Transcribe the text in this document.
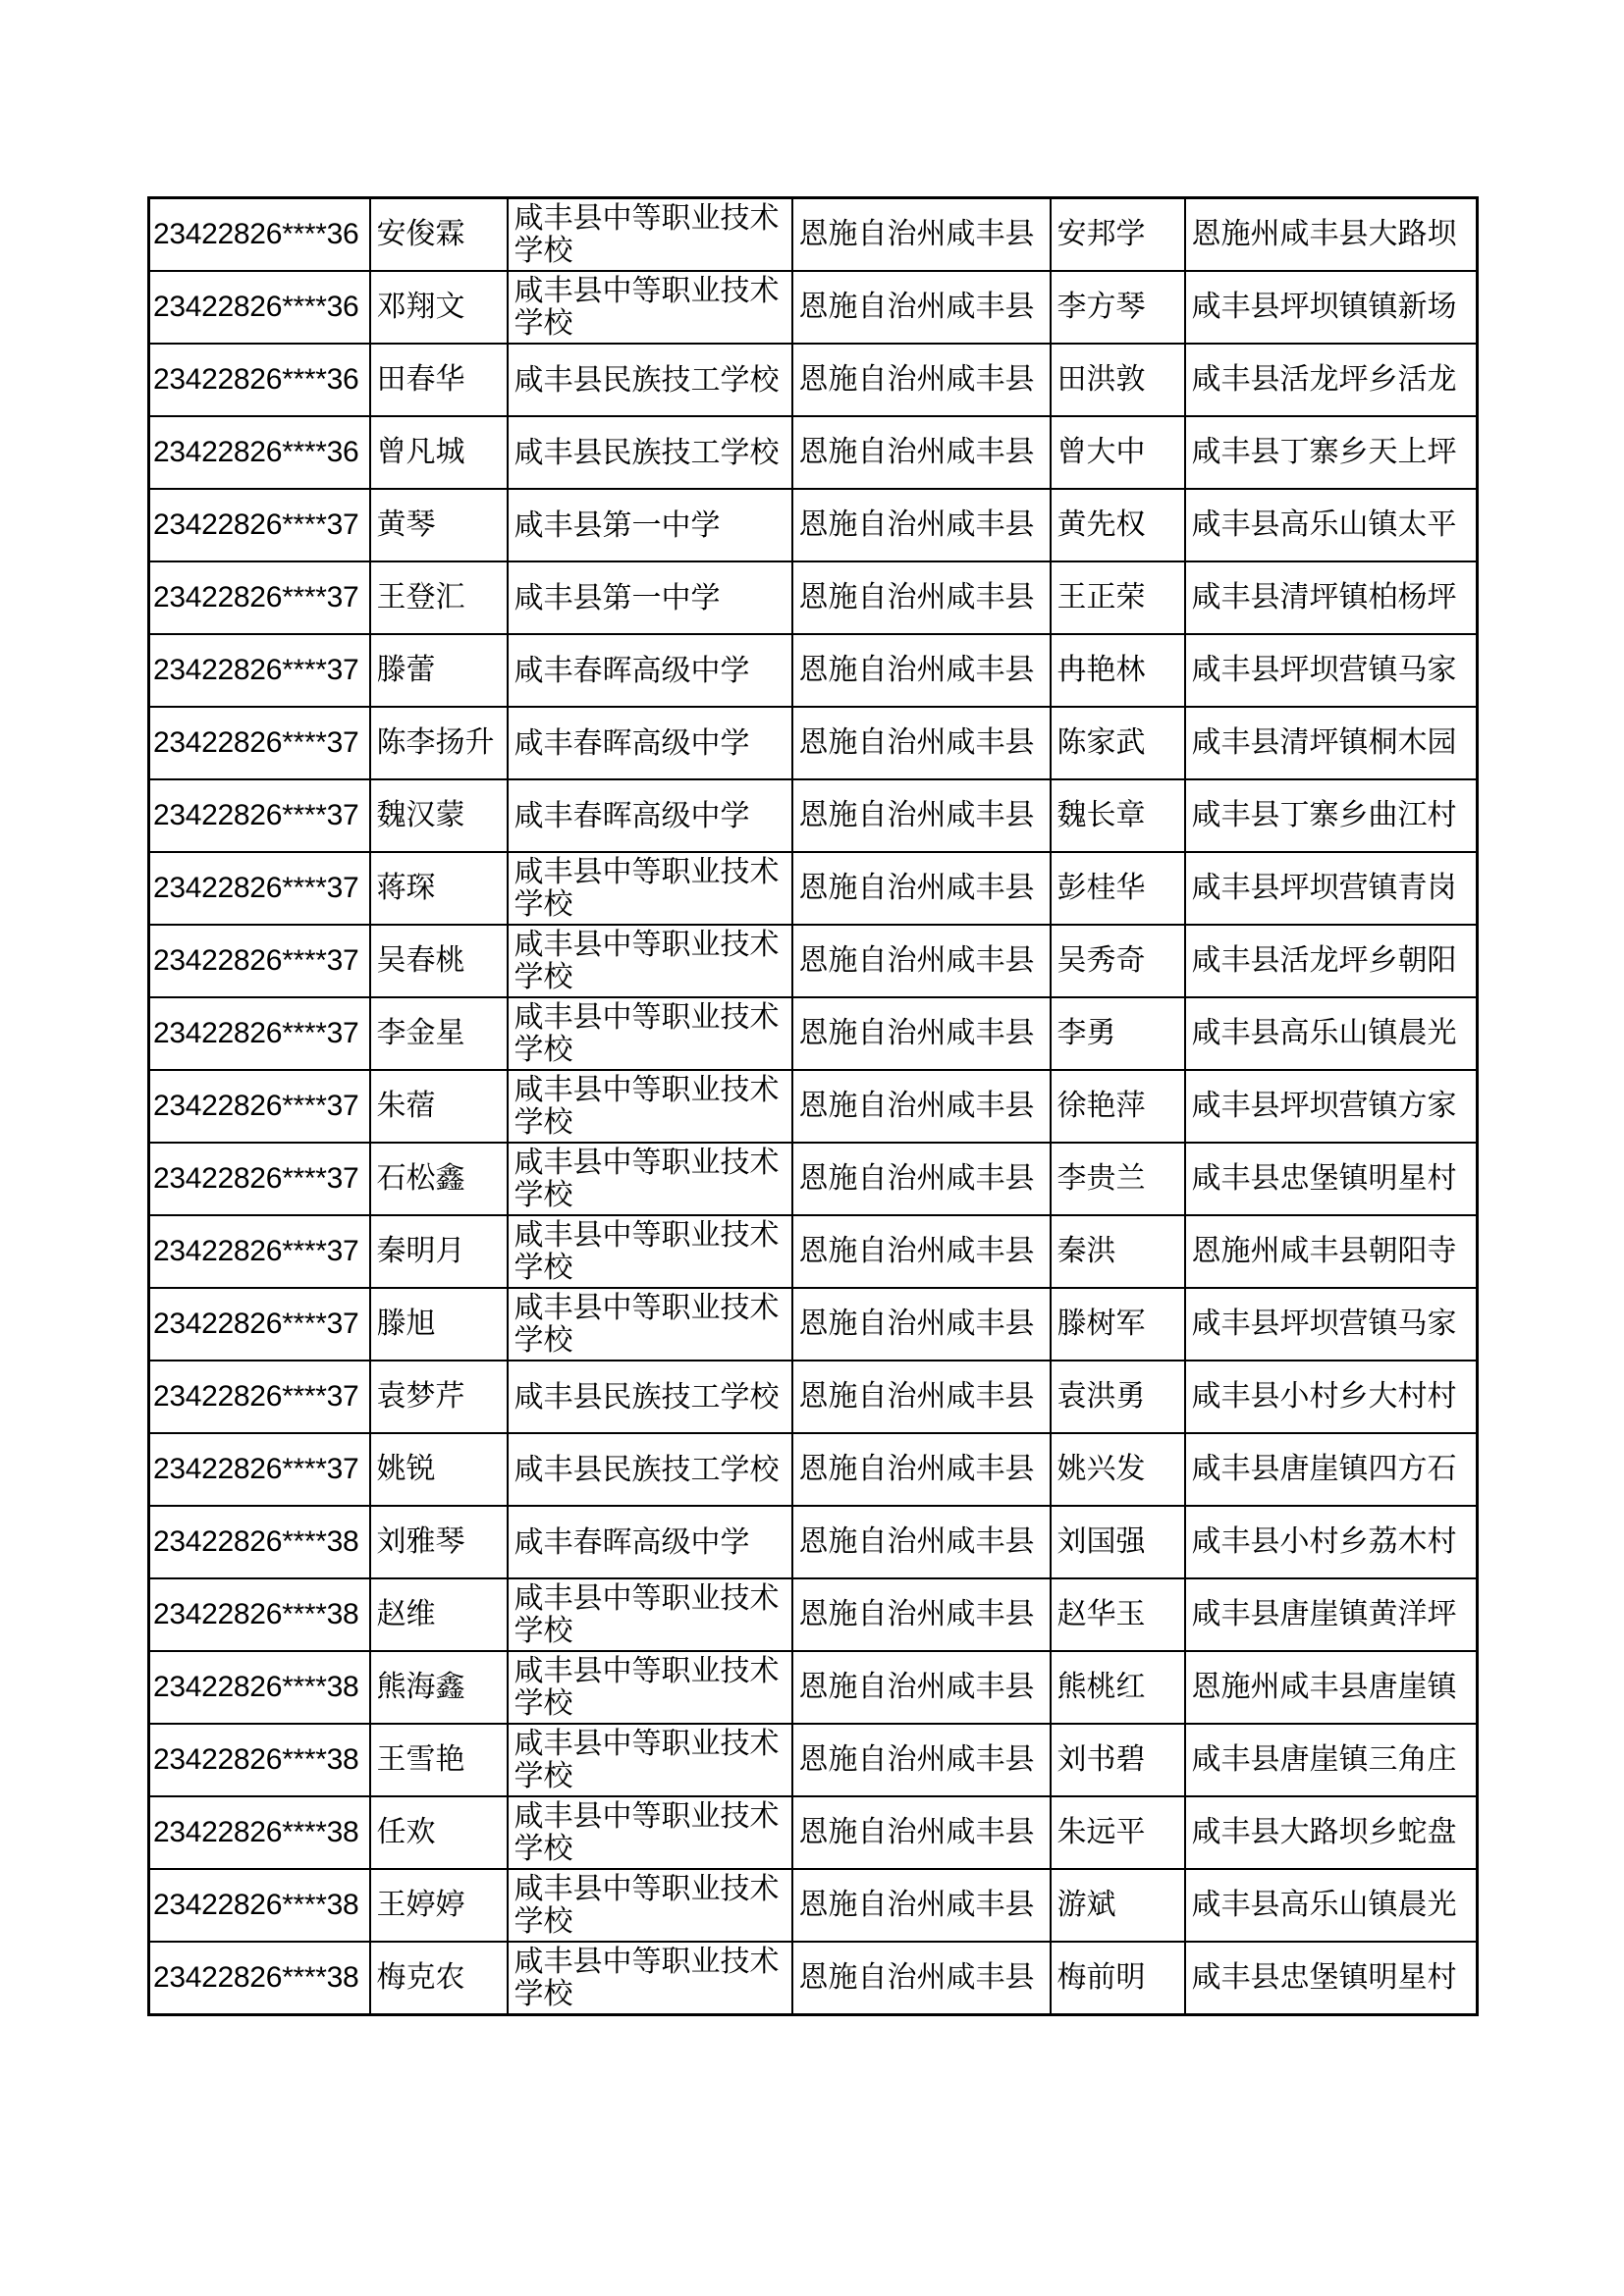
23422826****36	安俊霖	咸丰县中等职业技术学校	恩施自治州咸丰县	安邦学	恩施州咸丰县大路坝
23422826****36	邓翔文	咸丰县中等职业技术学校	恩施自治州咸丰县	李方琴	咸丰县坪坝镇镇新场
23422826****36	田春华	咸丰县民族技工学校	恩施自治州咸丰县	田洪敦	咸丰县活龙坪乡活龙
23422826****36	曾凡城	咸丰县民族技工学校	恩施自治州咸丰县	曾大中	咸丰县丁寨乡天上坪
23422826****37	黄琴	咸丰县第一中学	恩施自治州咸丰县	黄先权	咸丰县高乐山镇太平
23422826****37	王登汇	咸丰县第一中学	恩施自治州咸丰县	王正荣	咸丰县清坪镇柏杨坪
23422826****37	滕蕾	咸丰春晖高级中学	恩施自治州咸丰县	冉艳林	咸丰县坪坝营镇马家
23422826****37	陈李扬升	咸丰春晖高级中学	恩施自治州咸丰县	陈家武	咸丰县清坪镇桐木园
23422826****37	魏汉蒙	咸丰春晖高级中学	恩施自治州咸丰县	魏长章	咸丰县丁寨乡曲江村
23422826****37	蒋琛	咸丰县中等职业技术学校	恩施自治州咸丰县	彭桂华	咸丰县坪坝营镇青岗
23422826****37	吴春桃	咸丰县中等职业技术学校	恩施自治州咸丰县	吴秀奇	咸丰县活龙坪乡朝阳
23422826****37	李金星	咸丰县中等职业技术学校	恩施自治州咸丰县	李勇	咸丰县高乐山镇晨光
23422826****37	朱蓿	咸丰县中等职业技术学校	恩施自治州咸丰县	徐艳萍	咸丰县坪坝营镇方家
23422826****37	石松鑫	咸丰县中等职业技术学校	恩施自治州咸丰县	李贵兰	咸丰县忠堡镇明星村
23422826****37	秦明月	咸丰县中等职业技术学校	恩施自治州咸丰县	秦洪	恩施州咸丰县朝阳寺
23422826****37	滕旭	咸丰县中等职业技术学校	恩施自治州咸丰县	滕树军	咸丰县坪坝营镇马家
23422826****37	袁梦芹	咸丰县民族技工学校	恩施自治州咸丰县	袁洪勇	咸丰县小村乡大村村
23422826****37	姚锐	咸丰县民族技工学校	恩施自治州咸丰县	姚兴发	咸丰县唐崖镇四方石
23422826****38	刘雅琴	咸丰春晖高级中学	恩施自治州咸丰县	刘国强	咸丰县小村乡荔木村
23422826****38	赵维	咸丰县中等职业技术学校	恩施自治州咸丰县	赵华玉	咸丰县唐崖镇黄洋坪
23422826****38	熊海鑫	咸丰县中等职业技术学校	恩施自治州咸丰县	熊桃红	恩施州咸丰县唐崖镇
23422826****38	王雪艳	咸丰县中等职业技术学校	恩施自治州咸丰县	刘书碧	咸丰县唐崖镇三角庄
23422826****38	任欢	咸丰县中等职业技术学校	恩施自治州咸丰县	朱远平	咸丰县大路坝乡蛇盘
23422826****38	王婷婷	咸丰县中等职业技术学校	恩施自治州咸丰县	游斌	咸丰县高乐山镇晨光
23422826****38	梅克农	咸丰县中等职业技术学校	恩施自治州咸丰县	梅前明	咸丰县忠堡镇明星村
